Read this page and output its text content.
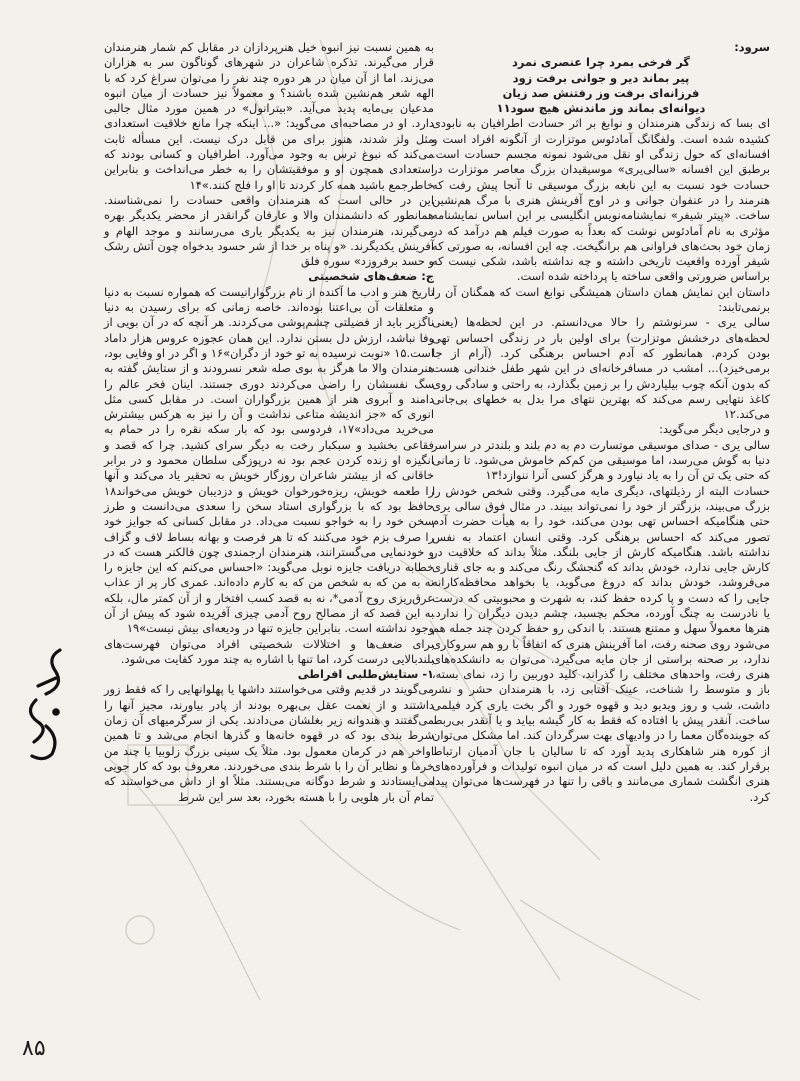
سرود:

گر فرخی بمرد چرا عنصری نمرد

پیر بماند دیر و جوانی برفت زود

فرزانه‌ای برفت وز رفتنش صد زیان

دیوانه‌ای بماند وز ماندنش هیچ سود۱۱

ای بسا که زندگی هنرمندان و نوابغ بر اثر حسادت اطرافیان به نابودی کشیده شده است. ولفگانگ آمادئوس موتزارت از آنگونه افراد است و افسانه‌ای که حول زندگی او نقل می‌شود نمونه مجسم حسادت است. برطبق این افسانه «سالی‌یری» موسیقیدان بزرگ معاصر موتزارت در حسادت خود نسبت به این نابغه بزرگ موسیقی تا آنجا پیش رفت که هنرمند را در عنفوان جوانی و در اوج آفرینش هنری با مرگ هم‌نشین ساخت. «پیتر شیفر» نمایشنامه‌نویس انگلیسی بر این اساس نمایشنامه مؤثری به نام آمادئوس نوشت که بعداً به صورت فیلم هم درآمد که در زمان خود بحث‌های فراوانی هم برانگیخت. چه این افسانه، به صورتی که شیفر آورده واقعیت تاریخی داشته و چه نداشته باشد، شکی نیست که براساس ضرورتی واقعی ساخته یا پرداخته شده است.

داستان این نمایش همان داستان همیشگی نوابغ است که همگنان آن را برنمی‌تابند:

سالی یری - سرنوشتم را حالا می‌دانستم. در این لحظه‌ها (یعنی لحظه‌های درخشش موتزارت) برای اولین بار در زندگی احساس تهی بودن کردم. همانطور که آدم احساس برهنگی کرد. (آرام از جا برمی‌خیزد)... امشب در مسافرخانه‌ای در این شهر طفل خندانی هست که بدون آنکه چوب بیلیاردش را بر زمین بگذارد، به راحتی و سادگی روی کاغذ نتهایی رسم می‌کند که بهترین نتهای مرا بدل به خطهای بی‌جانی می‌کند.۱۲

و درجایی دیگر می‌گوید:

سالی یری - صدای موسیقی موتسارت دم به دم بلند و بلندتر در سراسر دنیا به گوش می‌رسد، اما موسیقی من کم‌کم خاموش می‌شود. تا زمانی که حتی یک تن آن را به یاد نیاورد و هرگز کسی آنرا ننوازد!۱۳

حسادت البته از رذیلتهای، دیگری مایه می‌گیرد. وقتی شخص خودش را بزرگ می‌بیند، بزرگتر از خود را نمی‌تواند ببیند. در مثال فوق سالی یری حتی هنگامیکه احساس تهی بودن می‌کند، خود را به هیأت حضرت آدم تصور می‌کند که احساس برهنگی کرد. وقتی انسان اعتماد به نفس نداشته باشد. هنگامیکه کارش از جایی بلنگد. مثلاً بداند که خلاقیت در کارش جایی ندارد، خودش بداند که گنجشگ رنگ می‌کند و به جای قناری می‌فروشد، خودش بداند که دروغ می‌گوید، یا بخواهد محافظه‌کارانه جایی را که دست و پا کرده حفظ کند، به شهرت و محبوبیتی که درست یا نادرست به چنگ آورده، محکم بچسبد، چشم دیدن دیگران را ندارد. هنرها معمولاً سهل و ممتنع هستند. با اندکی رو حفظ کردن چند جمله هم می‌شود روی صحنه رفت، اما آفرینش هنری که اتفاقاً با رو هم سروکاری ندارد، بر صحنه براستی از جان مایه می‌گیرد. می‌توان به دانشکده‌های هنری رفت، واحدهای مختلف را گذراند، کلید دوربین را زد، نمای بسته، باز و متوسط را شناخت، عینک آفتابی زد، با هنرمندان حشر و نشر داشت، شب و روز ویدیو دید و قهوه خورد و اگر بخت یاری کرد فیلمی ساخت. آنقدر پیش یا افتاده که فقط به کار گیشه بیاید و یا آنقدر بی‌ربط که جوینده‌گان معما را در وادیهای بهت سرگردان کند. اما مشکل می‌توان از کوره هنر شاهکاری پدید آورد که تا سالیان با جان آدمیان ارتباط برقرار کند. به همین دلیل است که در میان انبوه تولیدات و فرآورده‌های هنری انگشت شماری می‌مانند و باقی را تنها در فهرست‌ها می‌توان پیدا کرد.

به همین نسبت نیز انبوه خیل هنرپردازان در مقابل کم شمار هنرمندان قرار می‌گیرند. تذکره شاعران در شهرهای گوناگون سر به هزاران می‌زند. اما از آن میان در هر دوره چند نفر را می‌توان سراغ کرد که با الهه شعر هم‌نشین شده باشند؟ و معمولاً نیز حسادت از میان انبوه مدعیان بی‌مایه پدید می‌آید. «بیترانول» در همین مورد مثال جالبی دارد. او در مصاحبه‌ای می‌گوید: «... اینکه چرا مانع خلاقیت استعدادی مثل ولز شدند، هنوز برای من قابل درک نیست. این مسأله ثابت می‌کند که نبوغ ترس به وجود می‌آورد. اطرافیان و کسانی بودند که استعدادی همچون او و موفقیتشان را به خطر می‌انداخت و بنابراین خاطرجمع باشید همه کار کردند تا او را فلج کنند.»۱۴

این در حالی است که هنرمندان واقعی حسادت را نمی‌شناسند. همانطور که دانشمندان والا و عارفان گرانقدر از محضر یکدیگر بهره می‌گیرند، هنرمندان نیز به یکدیگر یاری می‌رسانند و موجد الهام و آفرینش یکدیگرند. «و پناه بر خدا از شر حسود بدخواه چون آتش رشک و حسد برفروزد» سوره فلق

ج: ضعف‌های شخصیتی

تاریخ هنر و ادب ما آکنده از نام بزرگوارانیست که همواره نسبت به دنیا و متعلقات آن بی‌اعتنا بوده‌اند. خاصه زمانی که برای رسیدن به دنیا ناگزیر باید از فضیلتی چشم‌پوشی می‌کردند. هر آنچه که در آن بویی از وفا نباشد، ارزش دل بستن ندارد. این همان عجوزه عروس هزار داماد است.۱۵ «نوبت نرسیده به تو خود از دگران»۱۶ و اگر در او وفایی بود، هنرمندان والا ما هرگز به بوی صله شعر نسرودند و از ستایش گفته به سگ نفسشان را راضی می‌کردند دوری جستند. اینان فخر عالم را دامند و آبروی هنر از همین بزرگواران است. در مقابل کسی مثل انوری که «جز اندیشه متاعی نداشت و آن را نیز به هرکس بیشترش می‌خرید می‌داد»۱۷، فردوسی بود که بار سکه نقره را در حمام به فقاعی بخشید و سبکبار رخت به دیگر سرای کشید. چرا که قصد و انگیزه او زنده کردن عجم بود نه درپوزگی سلطان محمود و در برابر خاقانی که از بیشتر شاعران روزگار خویش به تحقیر یاد می‌کند و آنها را طعمه خویش، ریزه‌خورخوان خویش و دزدیبان خویش می‌خواند۱۸ حافظ بود که با بزرگواری استاد سخن را سعدی می‌دانست و طرز سخن خود را به خواجو نسبت می‌داد. در مقابل کسانی که جوایز خود را صرف بزم خود می‌کنند که تا هر فرصت و بهانه بساط لاف و گزاف و خودنمایی می‌گسترانند، هنرمندان ارجمندی چون فالکنر هست که در خطابه دریافت جایزه نوبل می‌گوید: «احساس می‌کنم که این جایزه را نه به من که به شخص من که به کارم داده‌اند. عمری کار پر از عذاب عرق‌ریزی روح آدمی*، نه به قصد کسب افتخار و از آن کمتر مال، بلکه به این قصد که از مصالح روح آدمی چیزی آفریده شود که پیش از آن وجود نداشته است. بنابراین جایزه تنها در ودیعه‌ای بیش نیست»۱۹

برای ضعف‌ها و اختلالات شخصیتی افراد می‌توان فهرست‌های بلندبالایی درست کرد، اما تنها با اشاره به چند مورد کفایت می‌شود.

۱- ستایش‌طلبی افراطی

می‌گویند در قدیم وقتی می‌خواستند داشها یا پهلوانهایی را که فقط زور داشتند و از نعمت عقل بی‌بهره بودند از پادر بیاورند، مجیز آنها را می‌گفتند و هندوانه زیر بغلشان می‌دادند. یکی از سرگرمیهای آن زمان شرط بندی بود که در قهوه خانه‌ها و گذرها انجام می‌شد و تا همین اواخر هم در کرمان معمول بود. مثلاً یک سینی بزرگ زلوبیا یا چند من خرما و نظایر آن را با شرط بندی می‌خوردند. معروف بود که کار جویی می‌ایستادند و شرط دوگانه می‌بستند. مثلاً او از داش می‌خواستند که تمام آن بار هلویی را با هسته بخورد، بعد سر این شرط

۸۵
